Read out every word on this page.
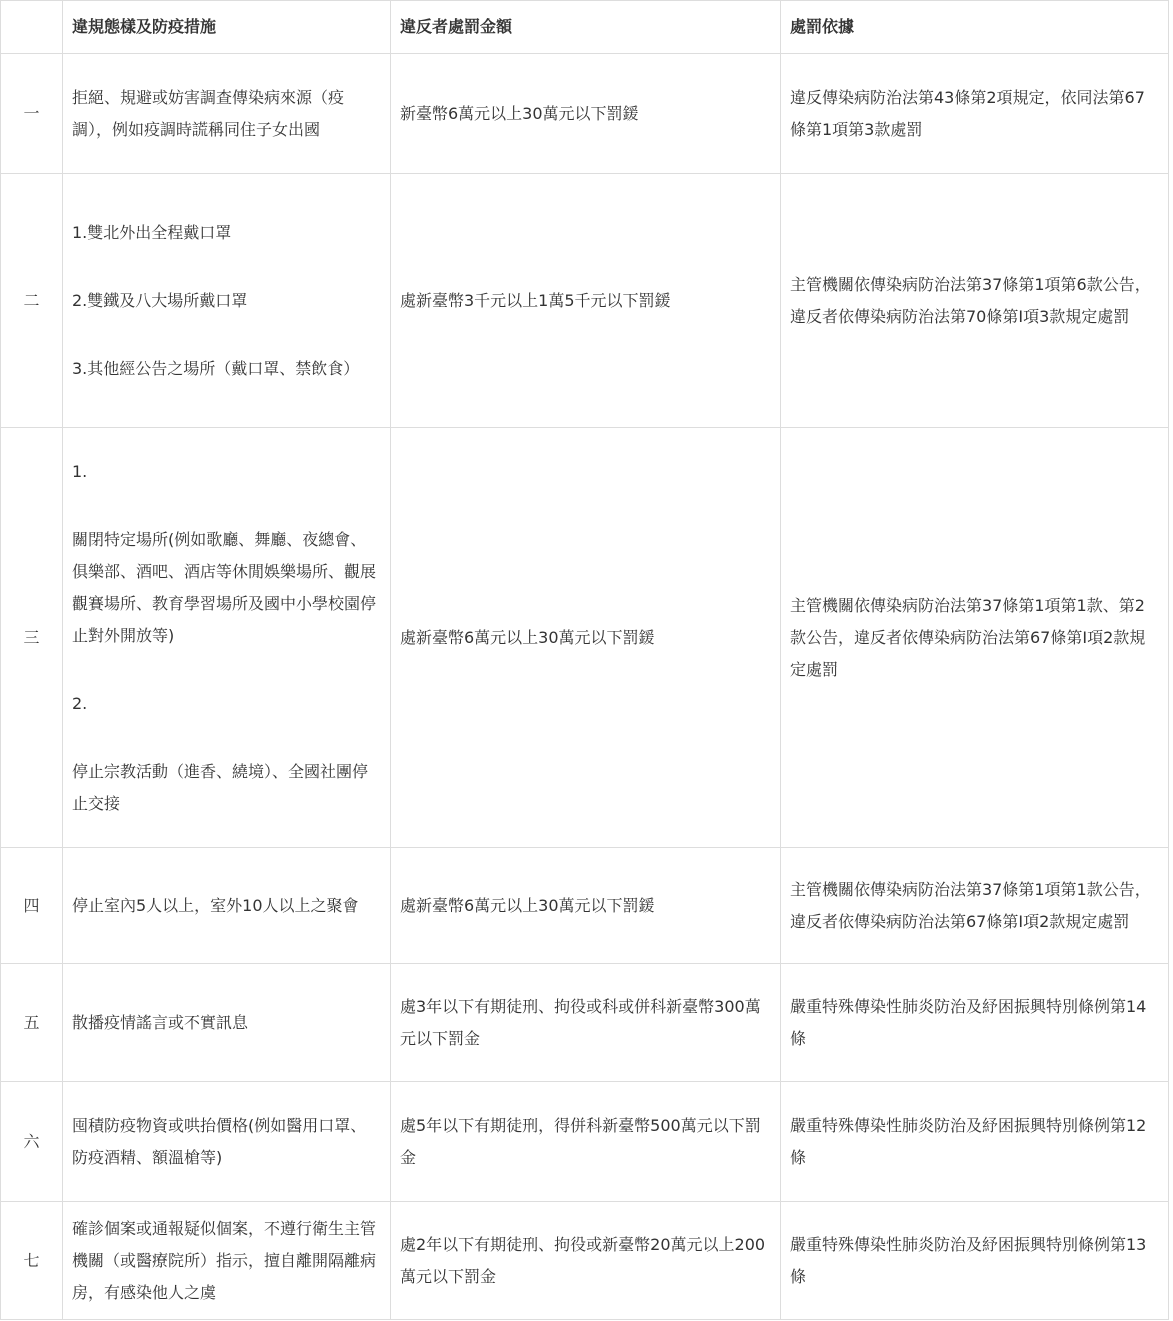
	違規態樣及防疫措施	違反者處罰金額	處罰依據
一	拒絕、規避或妨害調查傳染病來源（疫調），例如疫調時謊稱同住子女出國	新臺幣6萬元以上30萬元以下罰鍰	違反傳染病防治法第43條第2項規定，依同法第67條第1項第3款處罰
二	1.雙北外出全程戴口罩
2.雙鐵及八大場所戴口罩
3.其他經公告之場所（戴口罩、禁飲食）	處新臺幣3千元以上1萬5千元以下罰鍰	主管機關依傳染病防治法第37條第1項第6款公告，違反者依傳染病防治法第70條第I項3款規定處罰
三	1.
關閉特定場所(例如歌廳、舞廳、夜總會、俱樂部、酒吧、酒店等休閒娛樂場所、觀展觀賽場所、教育學習場所及國中小學校園停止對外開放等)
2.
停止宗教活動（進香、繞境）、全國社團停止交接	處新臺幣6萬元以上30萬元以下罰鍰	主管機關依傳染病防治法第37條第1項第1款、第2款公告，違反者依傳染病防治法第67條第I項2款規定處罰
四	停止室內5人以上，室外10人以上之聚會	處新臺幣6萬元以上30萬元以下罰鍰	主管機關依傳染病防治法第37條第1項第1款公告，違反者依傳染病防治法第67條第I項2款規定處罰
五	散播疫情謠言或不實訊息	處3年以下有期徒刑、拘役或科或併科新臺幣300萬元以下罰金	嚴重特殊傳染性肺炎防治及紓困振興特別條例第14條
六	囤積防疫物資或哄抬價格(例如醫用口罩、防疫酒精、額溫槍等)	處5年以下有期徒刑，得併科新臺幣500萬元以下罰金	嚴重特殊傳染性肺炎防治及紓困振興特別條例第12條
七	確診個案或通報疑似個案，不遵行衛生主管機關（或醫療院所）指示，擅自離開隔離病房，有感染他人之虞	處2年以下有期徒刑、拘役或新臺幣20萬元以上200萬元以下罰金	嚴重特殊傳染性肺炎防治及紓困振興特別條例第13條
